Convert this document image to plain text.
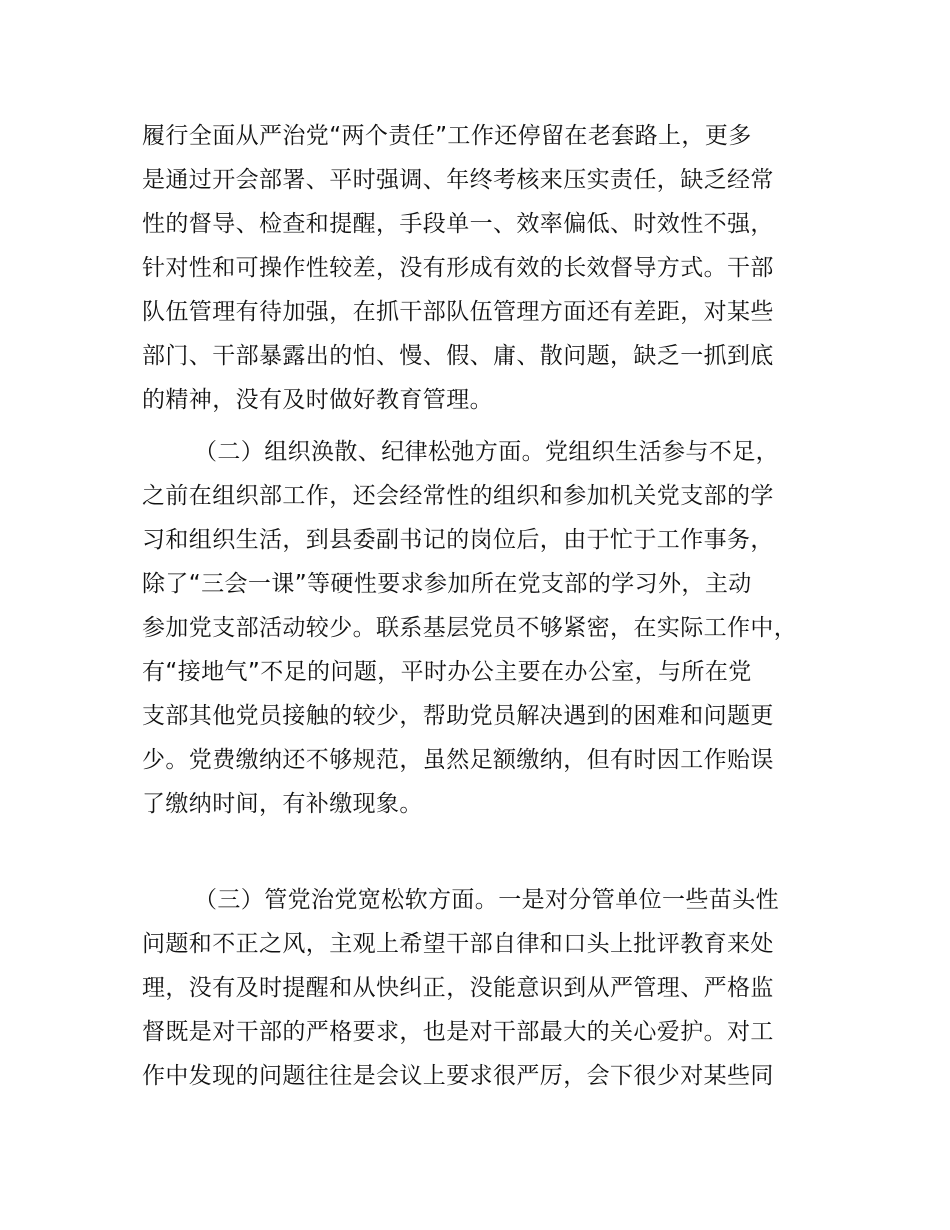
履行全面从严治党“两个责任”工作还停留在老套路上，更多
是通过开会部署、平时强调、年终考核来压实责任，缺乏经常
性的督导、检查和提醒，手段单一、效率偏低、时效性不强，
针对性和可操作性较差，没有形成有效的长效督导方式。干部
队伍管理有待加强，在抓干部队伍管理方面还有差距，对某些
部门、干部暴露出的怕、慢、假、庸、散问题，缺乏一抓到底
的精神，没有及时做好教育管理。
（二）组织涣散、纪律松弛方面。党组织生活参与不足，
之前在组织部工作，还会经常性的组织和参加机关党支部的学
习和组织生活，到县委副书记的岗位后，由于忙于工作事务，
除了“三会一课”等硬性要求参加所在党支部的学习外，主动
参加党支部活动较少。联系基层党员不够紧密，在实际工作中，
有“接地气”不足的问题，平时办公主要在办公室，与所在党
支部其他党员接触的较少，帮助党员解决遇到的困难和问题更
少。党费缴纳还不够规范，虽然足额缴纳，但有时因工作贻误
了缴纳时间，有补缴现象。
（三）管党治党宽松软方面。一是对分管单位一些苗头性
问题和不正之风，主观上希望干部自律和口头上批评教育来处
理，没有及时提醒和从快纠正，没能意识到从严管理、严格监
督既是对干部的严格要求，也是对干部最大的关心爱护。对工
作中发现的问题往往是会议上要求很严厉，会下很少对某些同
